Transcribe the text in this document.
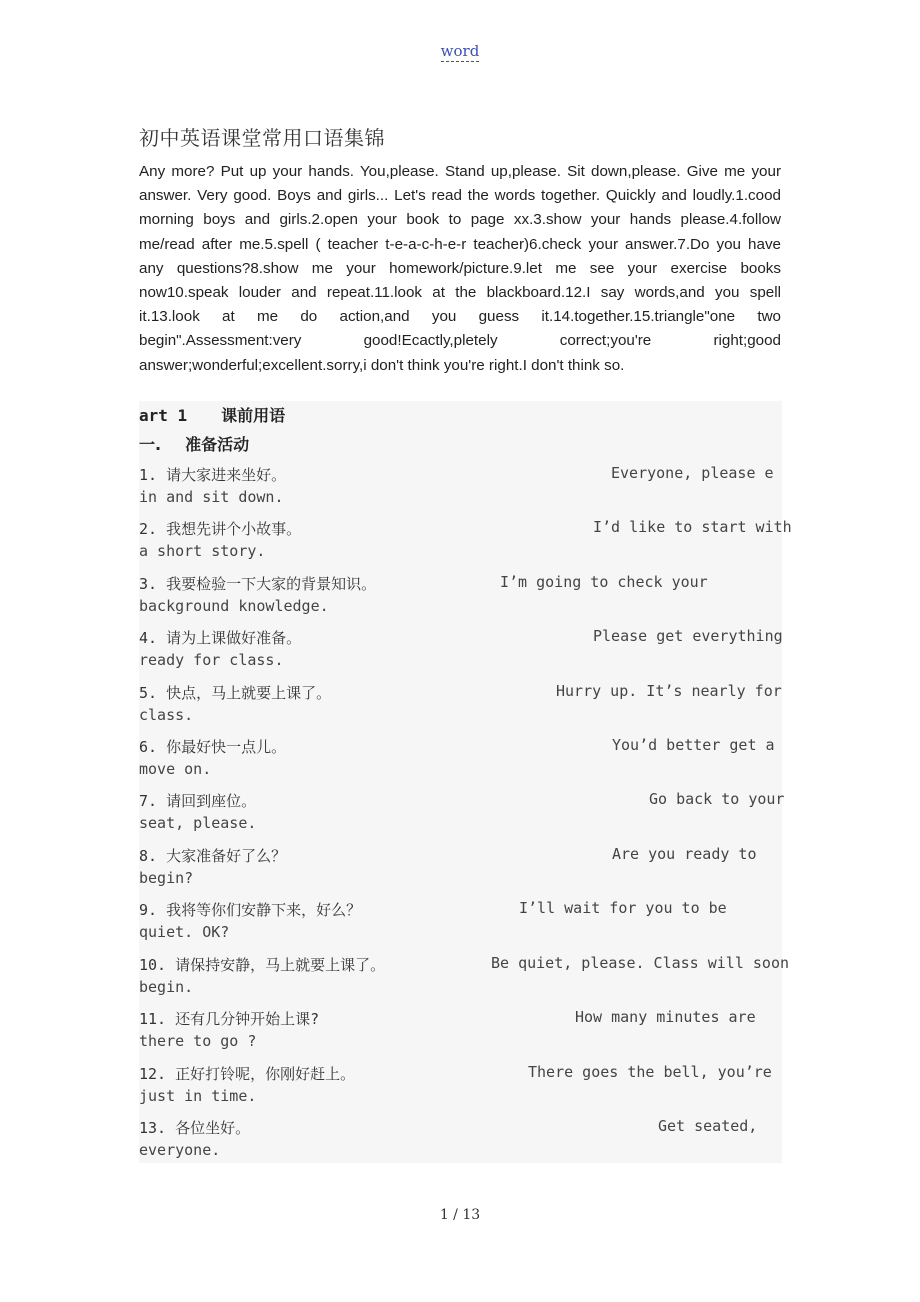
word
初中英语课堂常用口语集锦
Any more? Put up your hands. You,please. Stand up,please. Sit down,please. Give me your answer. Very good. Boys and girls... Let's read the words together. Quickly and loudly.1.cood morning boys and girls.2.open your book to page xx.3.show your hands please.4.follow me/read after me.5.spell ( teacher t-e-a-c-h-e-r teacher)6.check your answer.7.Do you have any questions?8.show me your homework/picture.9.let me see your exercise books now10.speak louder and repeat.11.look at the blackboard.12.I say words,and you spell it.13.look at me do action,and you guess it.14.together.15.triangle"one two begin".Assessment:very good!Ecactly,pletely correct;you're right;good answer;wonderful;excellent.sorry,i don't think you're right.I don't think so.
art 1 课前用语
一. 准备活动
1. 请大家进来坐好。	Everyone, please e
in and sit down.
2. 我想先讲个小故事。	I’d like to start with
a short story.
3. 我要检验一下大家的背景知识。	I’m going to check your
background knowledge.
4. 请为上课做好准备。	Please get everything
ready for class.
5. 快点，马上就要上课了。	Hurry up. It’s nearly for
class.
6. 你最好快一点儿。	You’d better get a
move on.
7. 请回到座位。	Go back to your
seat, please.
8. 大家准备好了么？	Are you ready to
begin?
9. 我将等你们安静下来，好么？	I’ll wait for you to be
quiet. OK?
10. 请保持安静，马上就要上课了。	Be quiet, please. Class will soon
begin.
11. 还有几分钟开始上课?	How many minutes are
there to go ?
12. 正好打铃呢，你刚好赶上。	There goes the bell, you’re
just in time.
13. 各位坐好。	Get seated,
everyone.
1 / 13
